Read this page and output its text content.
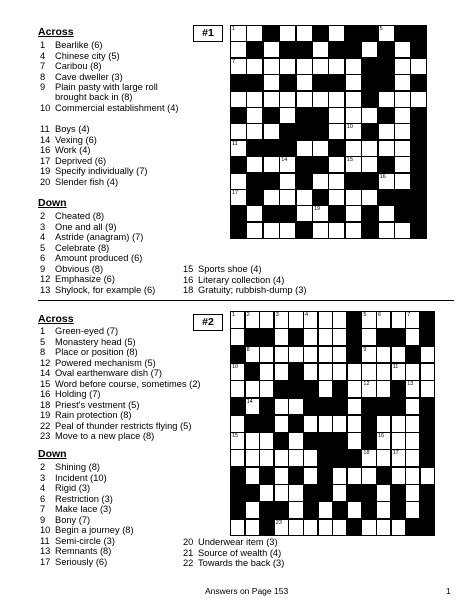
Across
1 Bearlike (6)
4 Chinese city (5)
7 Caribou (8)
8 Cave dweller (3)
9 Plain pasty with large roll brought back in (8)
10 Commercial establishment (4)
11 Boys (4)
14 Vexing (6)
16 Work (4)
17 Deprived (6)
19 Specify individually (7)
20 Slender fish (4)
Down
2 Cheated (8)
3 One and all (9)
4 Astride (anagram) (7)
5 Celebrate (8)
6 Amount produced (6)
9 Obvious (8)
12 Emphasize (6)
13 Shylock, for example (6)
15 Sports shoe (4)
16 Literary collection (4)
18 Gratuity; rubbish-dump (3)
#1	1	5
7
10
11
14	15
16
17
19
Across
1 Green-eyed (7)
5 Monastery head (5)
8 Place or position (8)
12 Powered mechanism (5)
14 Oval earthenware dish (7)
15 Word before course, sometimes (2)
16 Holding (7)
18 Priest's vestment (5)
19 Rain protection (8)
22 Peal of thunder restricts flying (5)
23 Move to a new place (8)
Down
2 Shining (8)
3 Incident (10)
4 Rigid (3)
6 Restriction (3)
7 Make lace (3)
9 Bony (7)
10 Begin a journey (8)
11 Semi-circle (3)
13 Remnants (8)
17 Seriously (6)
20 Underwear item (3)
21 Source of wealth (4)
22 Towards the back (3)
#2
1 2	3	4	5 6	7
8	9
10	11
12	13
14
15	16
18	17
23
Answers on Page 153	1
